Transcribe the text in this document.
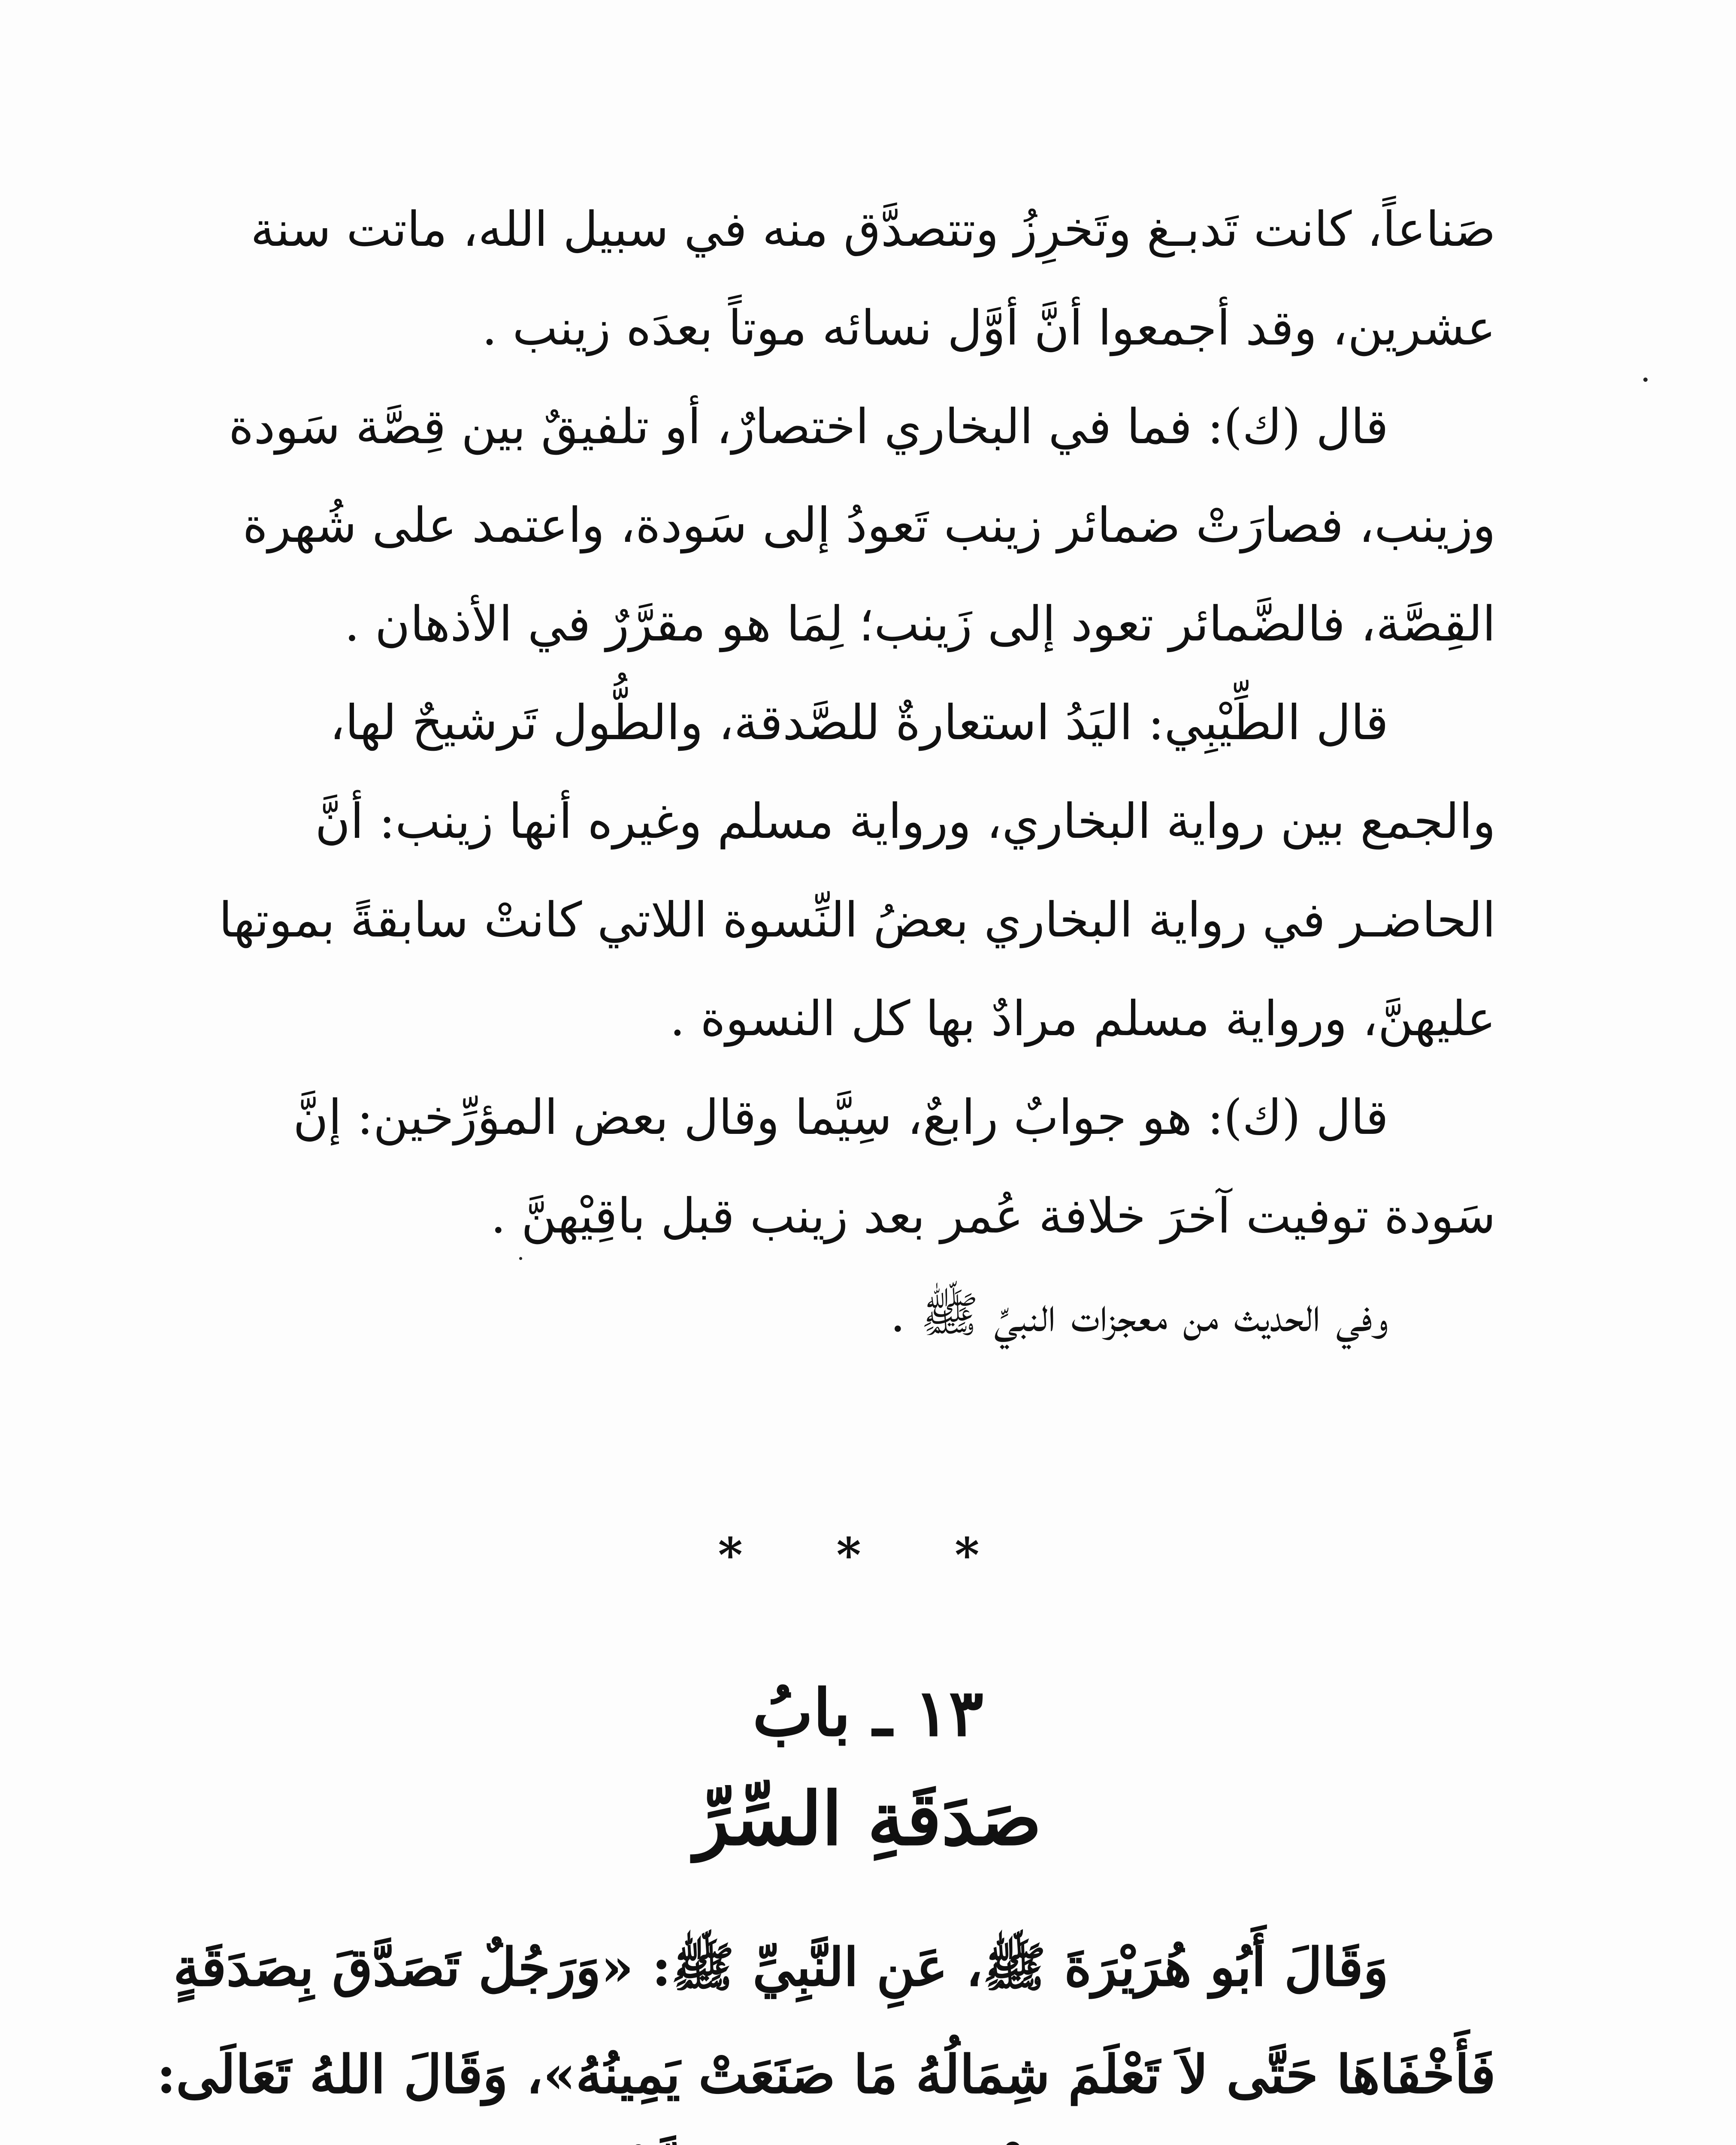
صَناعاً، كانت تَدبـغ وتَخرِزُ وتتصدَّق منه في سبيل الله، ماتت سنة
عشرين، وقد أجمعوا أنَّ أوَّل نسائه موتاً بعدَه زينب .
قال (ك): فما في البخاري اختصارٌ، أو تلفيقٌ بين قِصَّة سَودة
وزينب، فصارَتْ ضمائر زينب تَعودُ إلى سَودة، واعتمد على شُهرة
القِصَّة، فالضَّمائر تعود إلى زَينب؛ لِمَا هو مقرَّرٌ في الأذهان .
قال الطِّيْبِي: اليَدُ استعارةٌ للصَّدقة، والطُّول تَرشيحٌ لها،
والجمع بين رواية البخاري، ورواية مسلم وغيره أنها زينب: أنَّ
الحاضـر في رواية البخاري بعضُ النِّسوة اللاتي كانتْ سابقةً بموتها
عليهنَّ، ورواية مسلم مرادٌ بها كل النسوة .
قال (ك): هو جوابٌ رابعٌ، سِيَّما وقال بعض المؤرِّخين: إنَّ
سَودة توفيت آخرَ خلافة عُمر بعد زينب قبل باقِيْهنَّ .
وفي الحديث من معجزات النبيِّ ﷺ .
* * *
١٣ ـ بابُ
صَدَقَةِ السِّرِّ
وَقَالَ أَبُو هُرَيْرَةَ ﷺ، عَنِ النَّبِيِّ ﷺ: «وَرَجُلٌ تَصَدَّقَ بِصَدَقَةٍ
فَأَخْفَاهَا حَتَّى لاَ تَعْلَمَ شِمَالُهُ مَا صَنَعَتْ يَمِينُهُ»، وَقَالَ اللهُ تَعَالَى:
